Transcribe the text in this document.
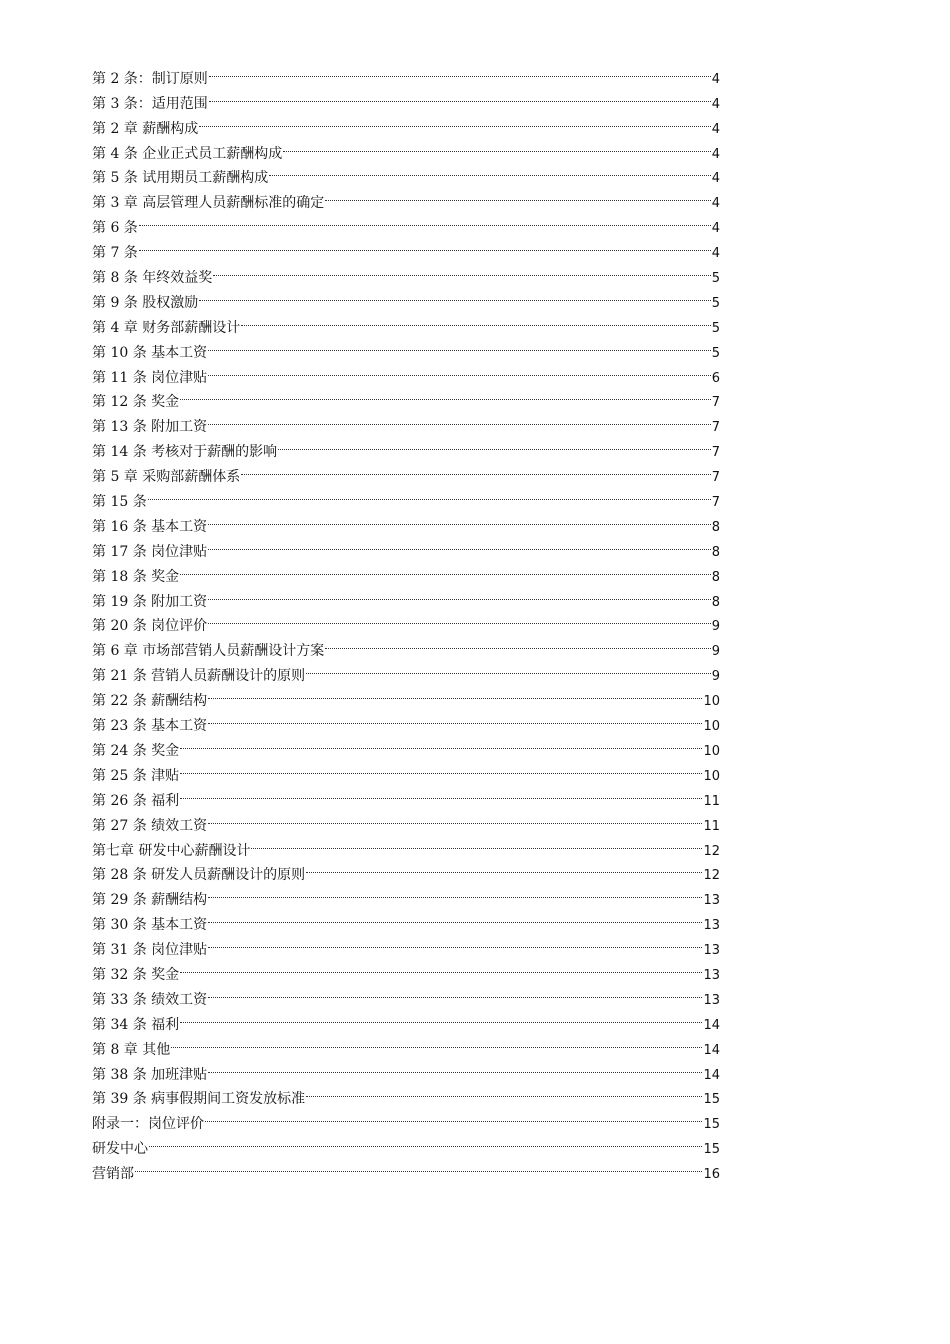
第 2 条：制订原则	4
第 3 条：适用范围	4
第 2 章 薪酬构成	4
第 4 条 企业正式员工薪酬构成	4
第 5 条 试用期员工薪酬构成	4
第 3 章 高层管理人员薪酬标准的确定	4
第 6 条	4
第 7 条	4
第 8 条 年终效益奖	5
第 9 条 股权激励	5
第 4 章 财务部薪酬设计	5
第 10 条 基本工资	5
第 11 条 岗位津贴	6
第 12 条 奖金	7
第 13 条 附加工资	7
第 14 条 考核对于薪酬的影响	7
第 5 章 采购部薪酬体系	7
第 15 条	7
第 16 条 基本工资	8
第 17 条 岗位津贴	8
第 18 条 奖金	8
第 19 条 附加工资	8
第 20 条 岗位评价	9
第 6 章 市场部营销人员薪酬设计方案	9
第 21 条 营销人员薪酬设计的原则	9
第 22 条 薪酬结构	10
第 23 条 基本工资	10
第 24 条 奖金	10
第 25 条 津贴	10
第 26 条 福利	11
第 27 条 绩效工资	11
第七章 研发中心薪酬设计	12
第 28 条 研发人员薪酬设计的原则	12
第 29 条 薪酬结构	13
第 30 条 基本工资	13
第 31 条 岗位津贴	13
第 32 条 奖金	13
第 33 条 绩效工资	13
第 34 条 福利	14
第 8 章 其他	14
第 38 条 加班津贴	14
第 39 条 病事假期间工资发放标准	15
附录一：岗位评价	15
研发中心	15
营销部	16
